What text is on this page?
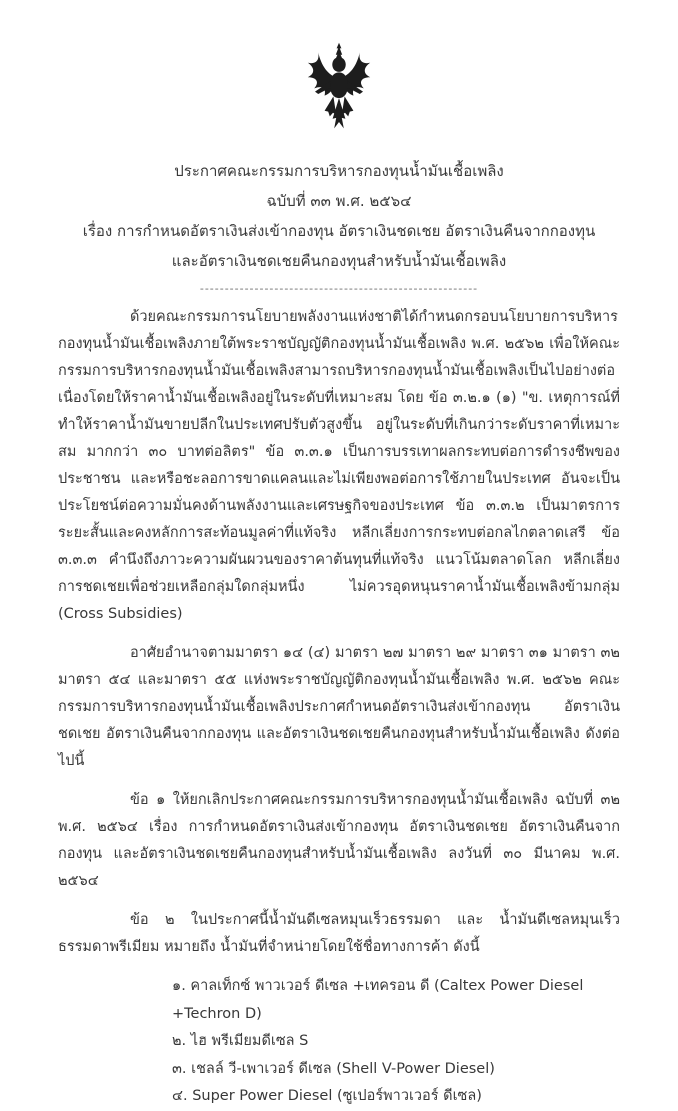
ประกาศคณะกรรมการบริหารกองทุนน้ำมันเชื้อเพลิง
ฉบับที่ ๓๓ พ.ศ. ๒๕๖๔
เรื่อง การกำหนดอัตราเงินส่งเข้ากองทุน อัตราเงินชดเชย อัตราเงินคืนจากกองทุน
และอัตราเงินชดเชยคืนกองทุนสำหรับน้ำมันเชื้อเพลิง
--------------------------------------------------------

ด้วยคณะกรรมการนโยบายพลังงานแห่งชาติได้กำหนดกรอบนโยบายการบริหารกองทุนน้ำมันเชื้อเพลิงภายใต้พระราชบัญญัติกองทุนน้ำมันเชื้อเพลิง พ.ศ. ๒๕๖๒ เพื่อให้คณะกรรมการบริหารกองทุนน้ำมันเชื้อเพลิงสามารถบริหารกองทุนน้ำมันเชื้อเพลิงเป็นไปอย่างต่อเนื่องโดยให้ราคาน้ำมันเชื้อเพลิงอยู่ในระดับที่เหมาะสม โดย ข้อ ๓.๒.๑ (๑) "ข. เหตุการณ์ที่ทำให้ราคาน้ำมันขายปลีกในประเทศปรับตัวสูงขึ้น อยู่ในระดับที่เกินกว่าระดับราคาที่เหมาะสม มากกว่า ๓๐ บาทต่อลิตร" ข้อ ๓.๓.๑ เป็นการบรรเทาผลกระทบต่อการดำรงชีพของประชาชน และหรือชะลอการขาดแคลนและไม่เพียงพอต่อการใช้ภายในประเทศ อันจะเป็นประโยชน์ต่อความมั่นคงด้านพลังงานและเศรษฐกิจของประเทศ ข้อ ๓.๓.๒ เป็นมาตรการระยะสั้นและคงหลักการสะท้อนมูลค่าที่แท้จริง หลีกเลี่ยงการกระทบต่อกลไกตลาดเสรี ข้อ ๓.๓.๓ คำนึงถึงภาวะความผันผวนของราคาต้นทุนที่แท้จริง แนวโน้มตลาดโลก หลีกเลี่ยงการชดเชยเพื่อช่วยเหลือกลุ่มใดกลุ่มหนึ่ง ไม่ควรอุดหนุนราคาน้ำมันเชื้อเพลิงข้ามกลุ่ม (Cross Subsidies)

อาศัยอำนาจตามมาตรา ๑๔ (๔) มาตรา ๒๗ มาตรา ๒๙ มาตรา ๓๑ มาตรา ๓๒ มาตรา ๕๔ และมาตรา ๕๕ แห่งพระราชบัญญัติกองทุนน้ำมันเชื้อเพลิง พ.ศ. ๒๕๖๒ คณะกรรมการบริหารกองทุนน้ำมันเชื้อเพลิงประกาศกำหนดอัตราเงินส่งเข้ากองทุน อัตราเงินชดเชย อัตราเงินคืนจากกองทุน และอัตราเงินชดเชยคืนกองทุนสำหรับน้ำมันเชื้อเพลิง ดังต่อไปนี้

ข้อ ๑ ให้ยกเลิกประกาศคณะกรรมการบริหารกองทุนน้ำมันเชื้อเพลิง ฉบับที่ ๓๒ พ.ศ. ๒๕๖๔ เรื่อง การกำหนดอัตราเงินส่งเข้ากองทุน อัตราเงินชดเชย อัตราเงินคืนจากกองทุน และอัตราเงินชดเชยคืนกองทุนสำหรับน้ำมันเชื้อเพลิง ลงวันที่ ๓๐ มีนาคม พ.ศ. ๒๕๖๔

ข้อ ๒ ในประกาศนี้น้ำมันดีเซลหมุนเร็วธรรมดา และ น้ำมันดีเซลหมุนเร็วธรรมดาพรีเมียม หมายถึง น้ำมันที่จำหน่ายโดยใช้ชื่อทางการค้า ดังนี้

๑. คาลเท็กซ์ พาวเวอร์ ดีเซล +เทครอน ดี (Caltex Power Diesel +Techron D)
๒. ไฮ พรีเมียมดีเซล S
๓. เชลล์ วี-เพาเวอร์ ดีเซล (Shell V-Power Diesel)
๔. Super Power Diesel (ซูเปอร์พาวเวอร์ ดีเซล)
